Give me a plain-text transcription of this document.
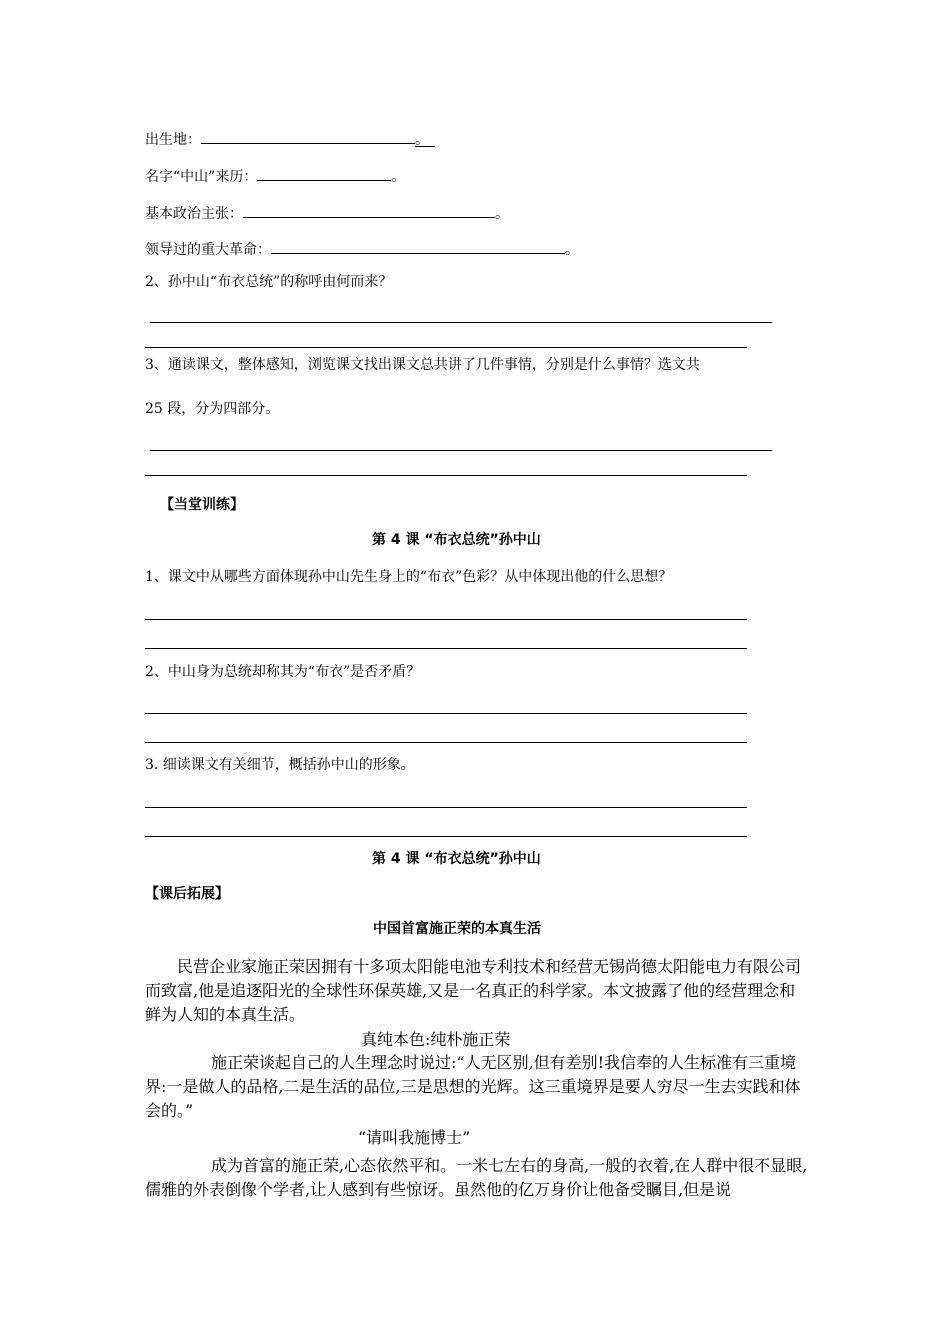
出生地：	。
名字“中山”来历：	。
基本政治主张：	。
领导过的重大革命：	。
2、孙中山“布衣总统”的称呼由何而来？
3、通读课文，整体感知，浏览课文找出课文总共讲了几件事情，分别是什么事情？选文共
25 段，分为四部分。
【当堂训练】
第 4 课 “布衣总统”孙中山
1、课文中从哪些方面体现孙中山先生身上的“布衣”色彩？从中体现出他的什么思想？
2、中山身为总统却称其为“布衣”是否矛盾？
3. 细读课文有关细节，概括孙中山的形象。
第 4 课 “布衣总统”孙中山
【课后拓展】
中国首富施正荣的本真生活
民营企业家施正荣因拥有十多项太阳能电池专利技术和经营无锡尚德太阳能电力有限公司而致富,他是追逐阳光的全球性环保英雄,又是一名真正的科学家。本文披露了他的经营理念和鲜为人知的本真生活。
真纯本色:纯朴施正荣
施正荣谈起自己的人生理念时说过:“人无区别,但有差别!我信奉的人生标准有三重境界:一是做人的品格,二是生活的品位,三是思想的光辉。这三重境界是要人穷尽一生去实践和体会的。”
“请叫我施博士”
成为首富的施正荣,心态依然平和。一米七左右的身高,一般的衣着,在人群中很不显眼,儒雅的外表倒像个学者,让人感到有些惊讶。虽然他的亿万身价让他备受瞩目,但是说
